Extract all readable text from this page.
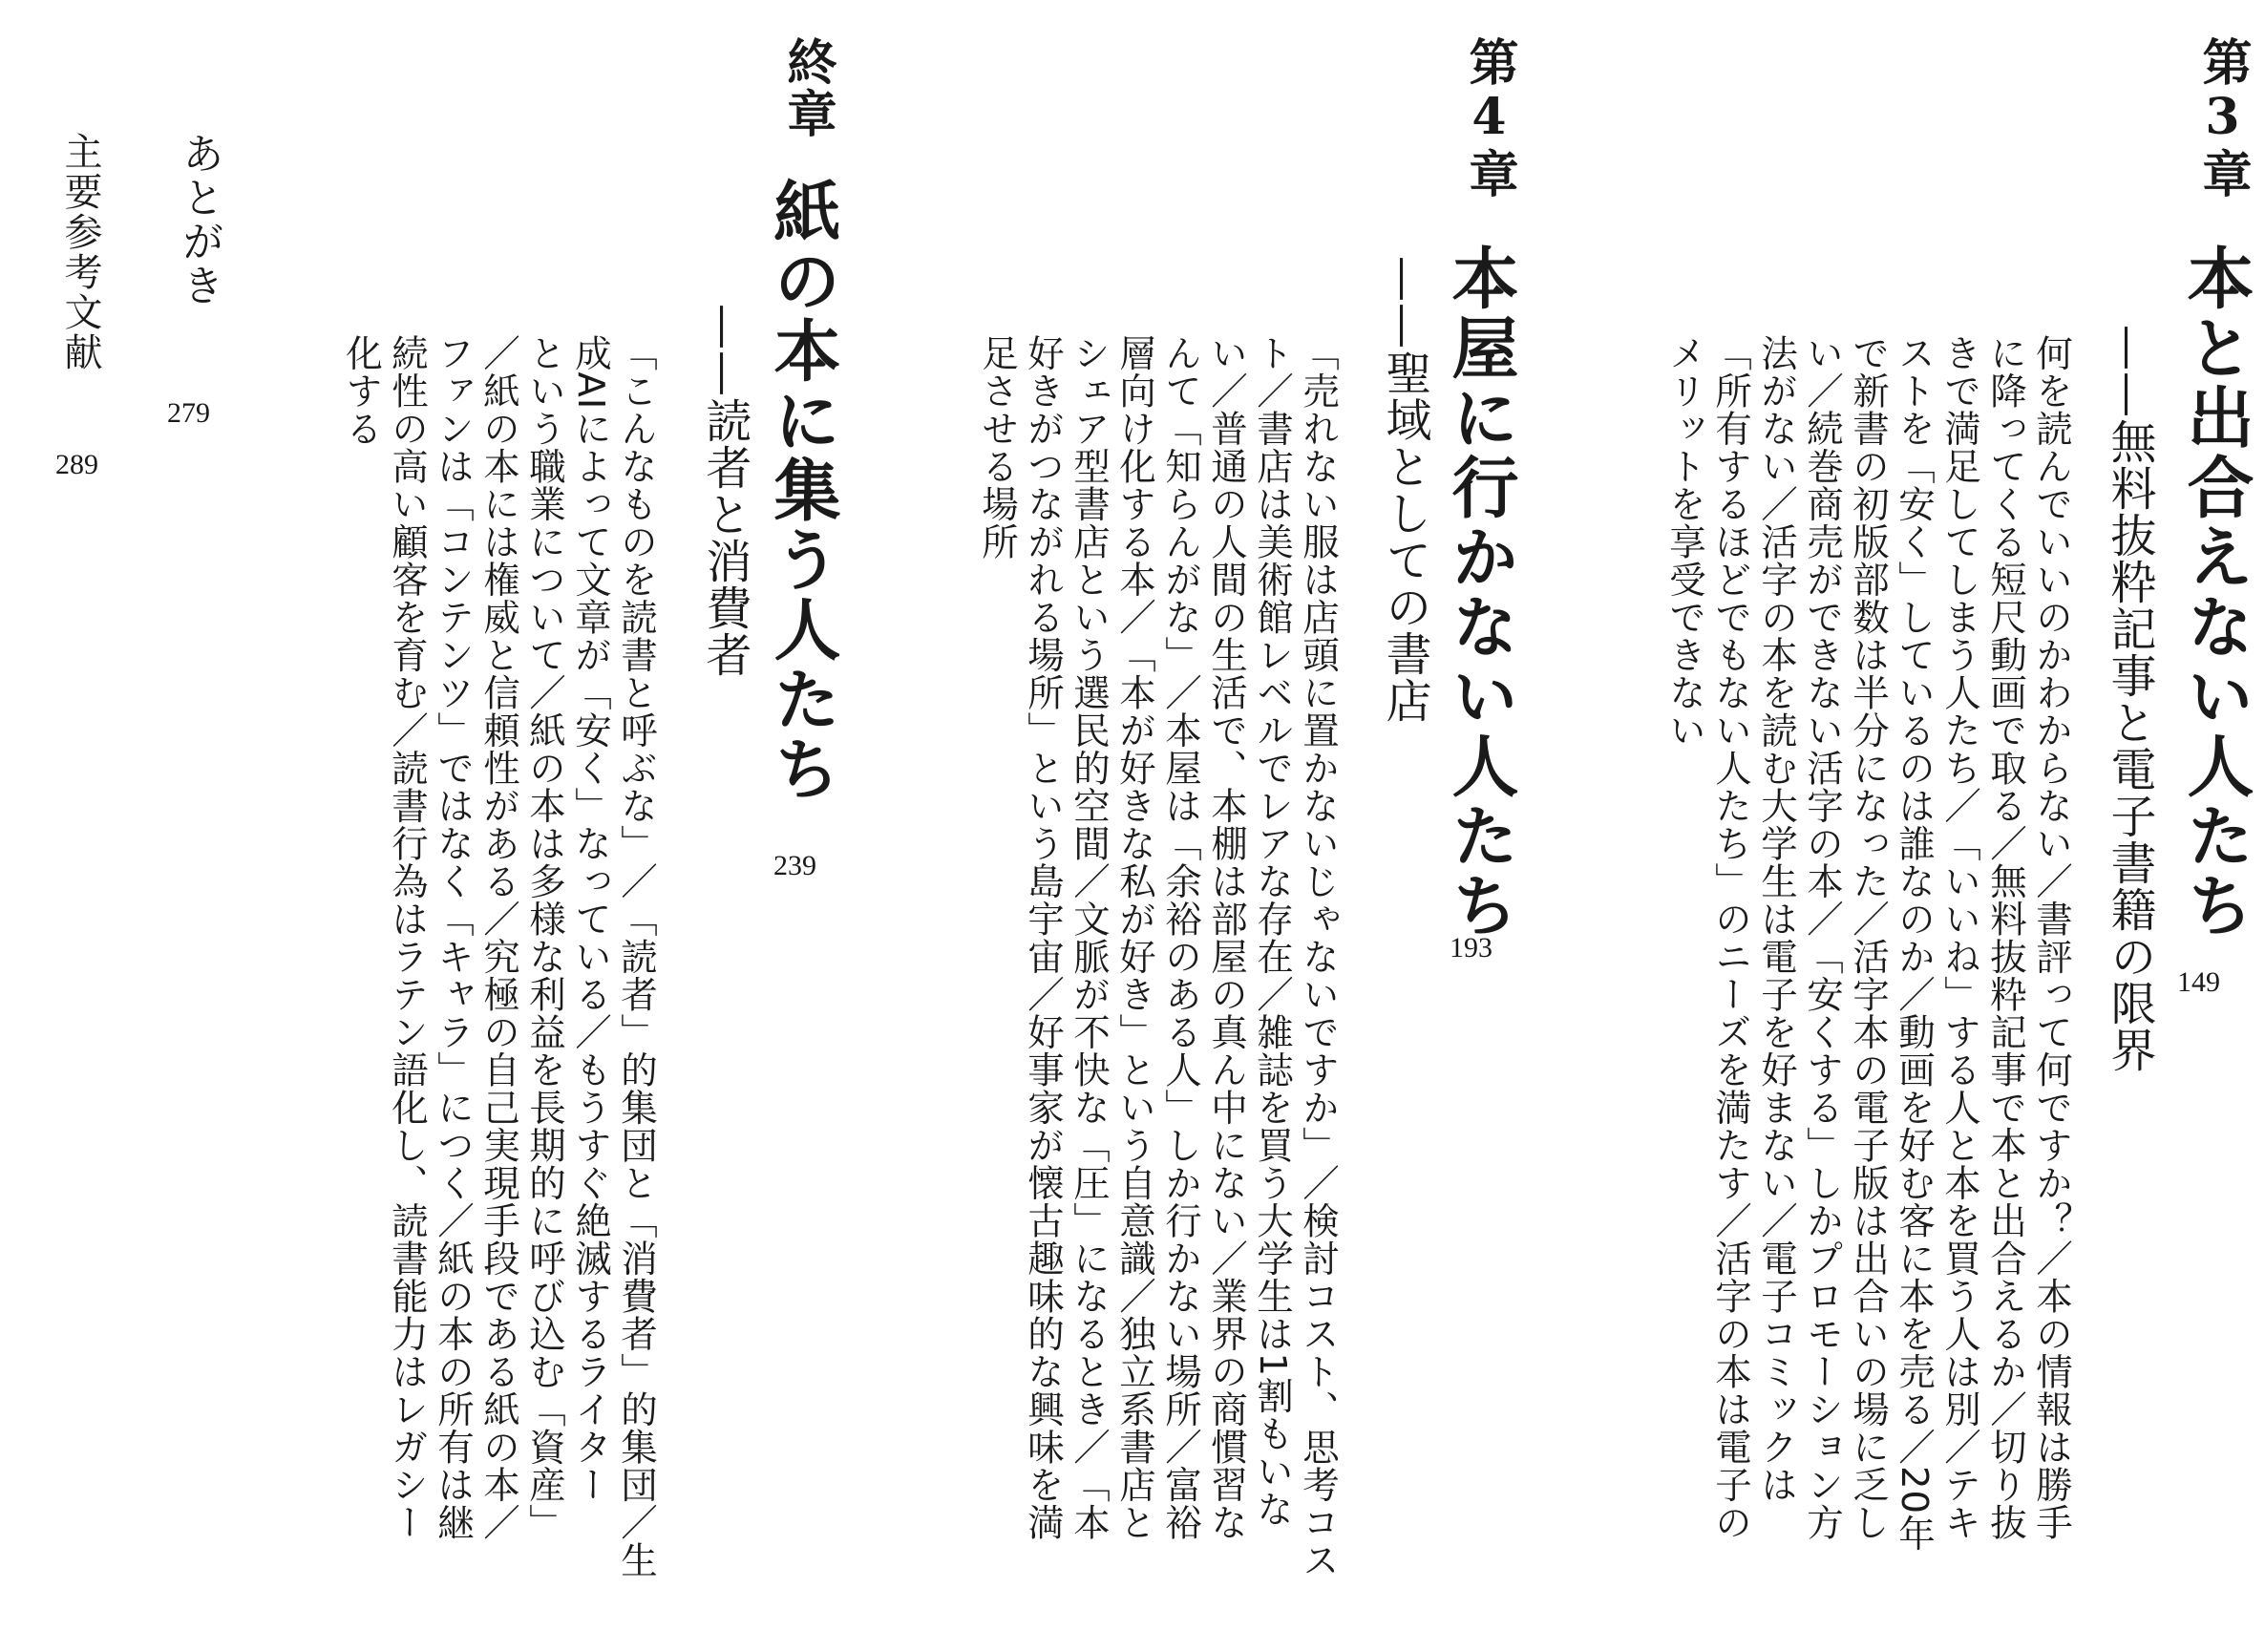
第3章
本と出合えない人たち
——無料抜粋記事と電子書籍の限界 149

何を読んでいいのかわからない／書評って何ですか？／本の情報は勝手

に降ってくる短尺動画で取る／無料抜粋記事で本と出合えるか／切り抜

きで満足してしまう人たち／「いいね」する人と本を買う人は別／テキ

ストを「安く」しているのは誰なのか／動画を好む客に本を売る／20年

で新書の初版部数は半分になった／活字本の電子版は出合いの場に乏し

い／続巻商売ができない活字の本／「安くする」しかプロモーション方

法がない／活字の本を読む大学生は電子を好まない／電子コミックは

「所有するほどでもない人たち」のニーズを満たす／活字の本は電子の

メリットを享受できない

第4章
本屋に行かない人たち
——聖域としての書店
193

「売れない服は店頭に置かないじゃないですか」／検討コスト、思考コス

ト／書店は美術館レベルでレアな存在／雑誌を買う大学生は1割もいな

い／普通の人間の生活で、本棚は部屋の真ん中にない／業界の商慣習な

んて「知らんがな」／本屋は「余裕のある人」しか行かない場所／富裕

層向け化する本／「本が好きな私が好き」という自意識／独立系書店と

シェア型書店という選民的空間／文脈が不快な「圧」になるとき／「本

好きがつながれる場所」という島宇宙／好事家が懐古趣味的な興味を満

足させる場所

終章
紙の本に集う人たち
——読者と消費者
239

「こんなものを読書と呼ぶな」／「読者」的集団と「消費者」的集団／生

成AIによって文章が「安く」なっている／もうすぐ絶滅するライター

という職業について／紙の本は多様な利益を長期的に呼び込む「資産」

／紙の本には権威と信頼性がある／究極の自己実現手段である紙の本／

ファンは「コンテンツ」ではなく「キャラ」につく／紙の本の所有は継

続性の高い顧客を育む／読書行為はラテン語化し、読書能力はレガシー

化する

あとがき
279
主要参考文献
289
